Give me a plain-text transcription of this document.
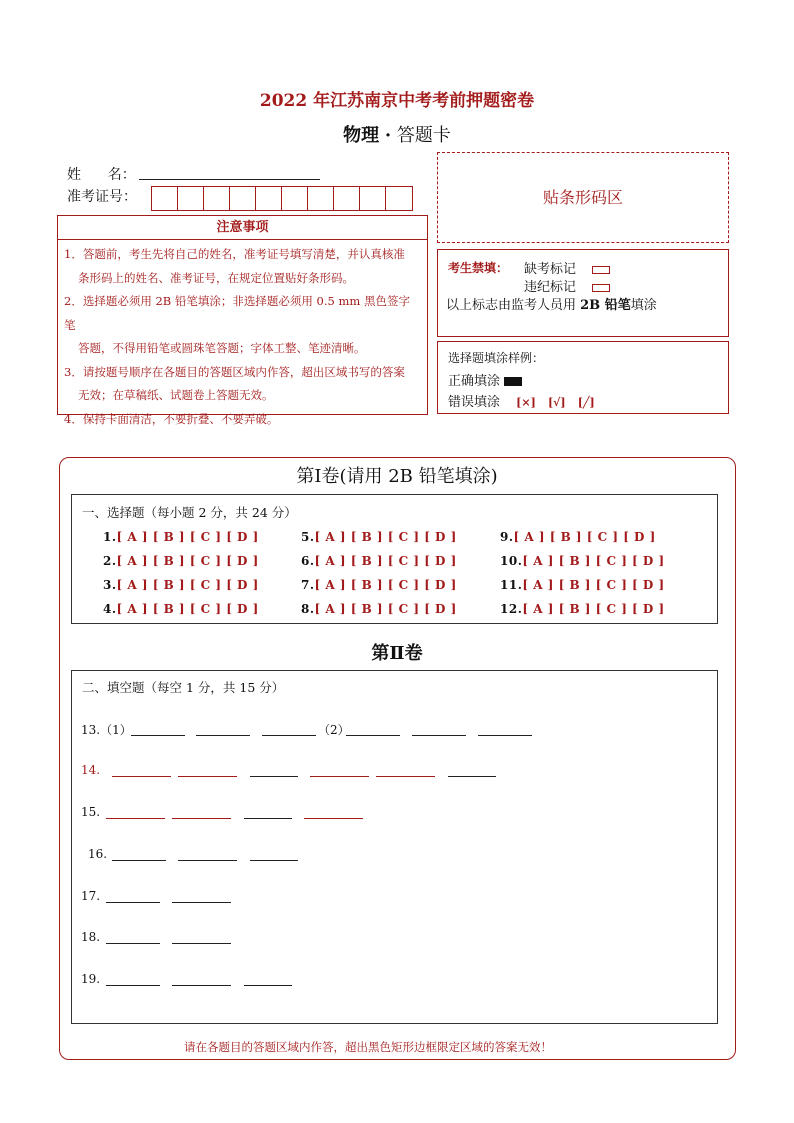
2022 年江苏南京中考考前押题密卷
物理 · 答题卡
姓      名：
准考证号：	贴条形码区
注意事项
1．答题前，考生先将自己的姓名，准考证号填写清楚，并认真核准
条形码上的姓名、准考证号，在规定位置贴好条形码。
2．选择题必须用 2B 铅笔填涂；非选择题必须用 0.5 mm 黑色签字笔
答题，不得用铅笔或圆珠笔答题；字体工整、笔迹清晰。
3．请按题号顺序在各题目的答题区域内作答，超出区域书写的答案
无效；在草稿纸、试题卷上答题无效。
4．保持卡面清洁，不要折叠、不要弄破。
考生禁填： 缺考标记
违纪标记
以上标志由监考人员用 2B 铅笔填涂
选择题填涂样例：
正确填涂
错误填涂 [×] [√] [╱]
第Ⅰ卷(请用 2B 铅笔填涂)
一、选择题（每小题 2 分，共 24 分）
1.[ A ] [ B ] [ C ] [ D ]
2.[ A ] [ B ] [ C ] [ D ]
3.[ A ] [ B ] [ C ] [ D ]
4.[ A ] [ B ] [ C ] [ D ]
5.[ A ] [ B ] [ C ] [ D ]
6.[ A ] [ B ] [ C ] [ D ]
7.[ A ] [ B ] [ C ] [ D ]
8.[ A ] [ B ] [ C ] [ D ]
9.[ A ] [ B ] [ C ] [ D ]
10.[ A ] [ B ] [ C ] [ D ]
11.[ A ] [ B ] [ C ] [ D ]
12.[ A ] [ B ] [ C ] [ D ]
第Ⅱ卷
二、填空题（每空 1 分，共 15 分）
13.（1）	（2）
14.
15.
16.
17.
18.
19.
请在各题目的答题区域内作答，超出黑色矩形边框限定区域的答案无效！
